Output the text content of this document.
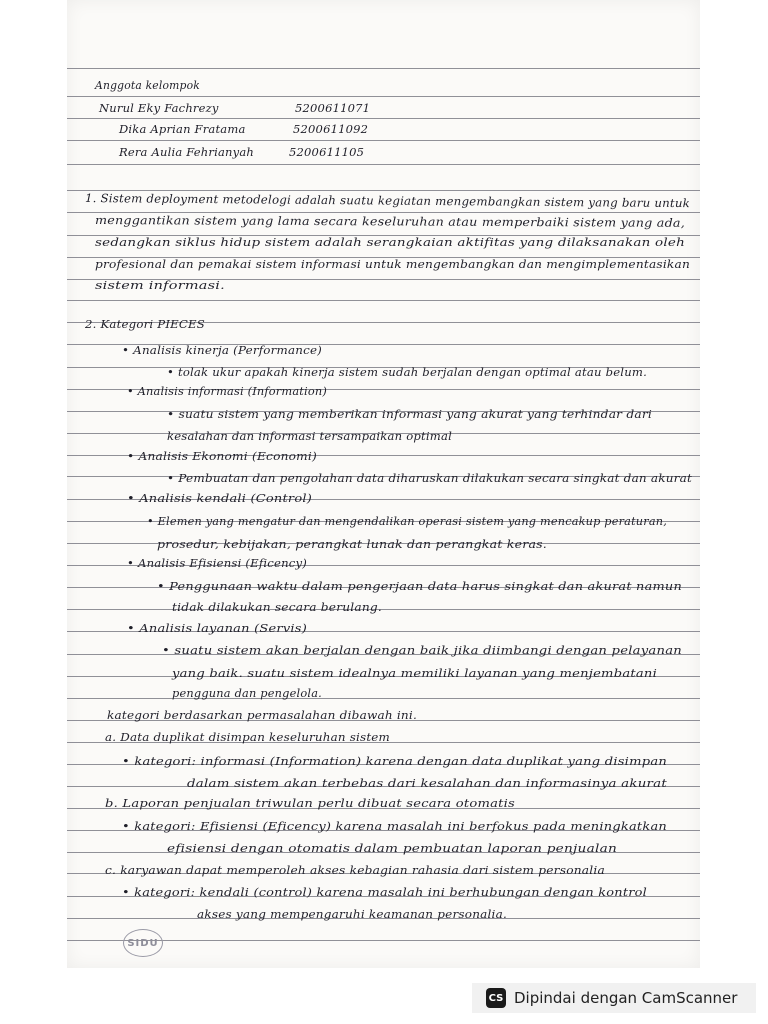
Anggota kelompok
Nurul Eky Fachrezy	5200611071
Dika Aprian Fratama	5200611092
Rera Aulia Fehrianyah	5200611105
1. Sistem deployment metodelogi adalah suatu kegiatan mengembangkan sistem yang baru untuk
menggantikan sistem yang lama secara keseluruhan atau memperbaiki sistem yang ada,
sedangkan siklus hidup sistem adalah serangkaian aktifitas yang dilaksanakan oleh
profesional dan pemakai sistem informasi untuk mengembangkan dan mengimplementasikan
sistem informasi.
2. Kategori PIECES
• Analisis kinerja (Performance)
• tolak ukur apakah kinerja sistem sudah berjalan dengan optimal atau belum.
• Analisis informasi (Information)
• suatu sistem yang memberikan informasi yang akurat yang terhindar dari
kesalahan dan informasi tersampaikan optimal
• Analisis Ekonomi (Economi)
• Pembuatan dan pengolahan data diharuskan dilakukan secara singkat dan akurat
• Analisis kendali (Control)
• Elemen yang mengatur dan mengendalikan operasi sistem yang mencakup peraturan,
prosedur, kebijakan, perangkat lunak dan perangkat keras.
• Analisis Efisiensi (Eficency)
• Penggunaan waktu dalam pengerjaan data harus singkat dan akurat namun
tidak dilakukan secara berulang.
• Analisis layanan (Servis)
• suatu sistem akan berjalan dengan baik jika diimbangi dengan pelayanan
yang baik. suatu sistem idealnya memiliki layanan yang menjembatani
pengguna dan pengelola.
kategori berdasarkan permasalahan dibawah ini.
a. Data duplikat disimpan keseluruhan sistem
• kategori: informasi (Information) karena dengan data duplikat yang disimpan
dalam sistem akan terbebas dari kesalahan dan informasinya akurat
b. Laporan penjualan triwulan perlu dibuat secara otomatis
• kategori: Efisiensi (Eficency) karena masalah ini berfokus pada meningkatkan
efisiensi dengan otomatis dalam pembuatan laporan penjualan
c. karyawan dapat memperoleh akses kebagian rahasia dari sistem personalia
• kategori: kendali (control) karena masalah ini berhubungan dengan kontrol
akses yang mempengaruhi keamanan personalia.
SIDU
CS Dipindai dengan CamScanner
